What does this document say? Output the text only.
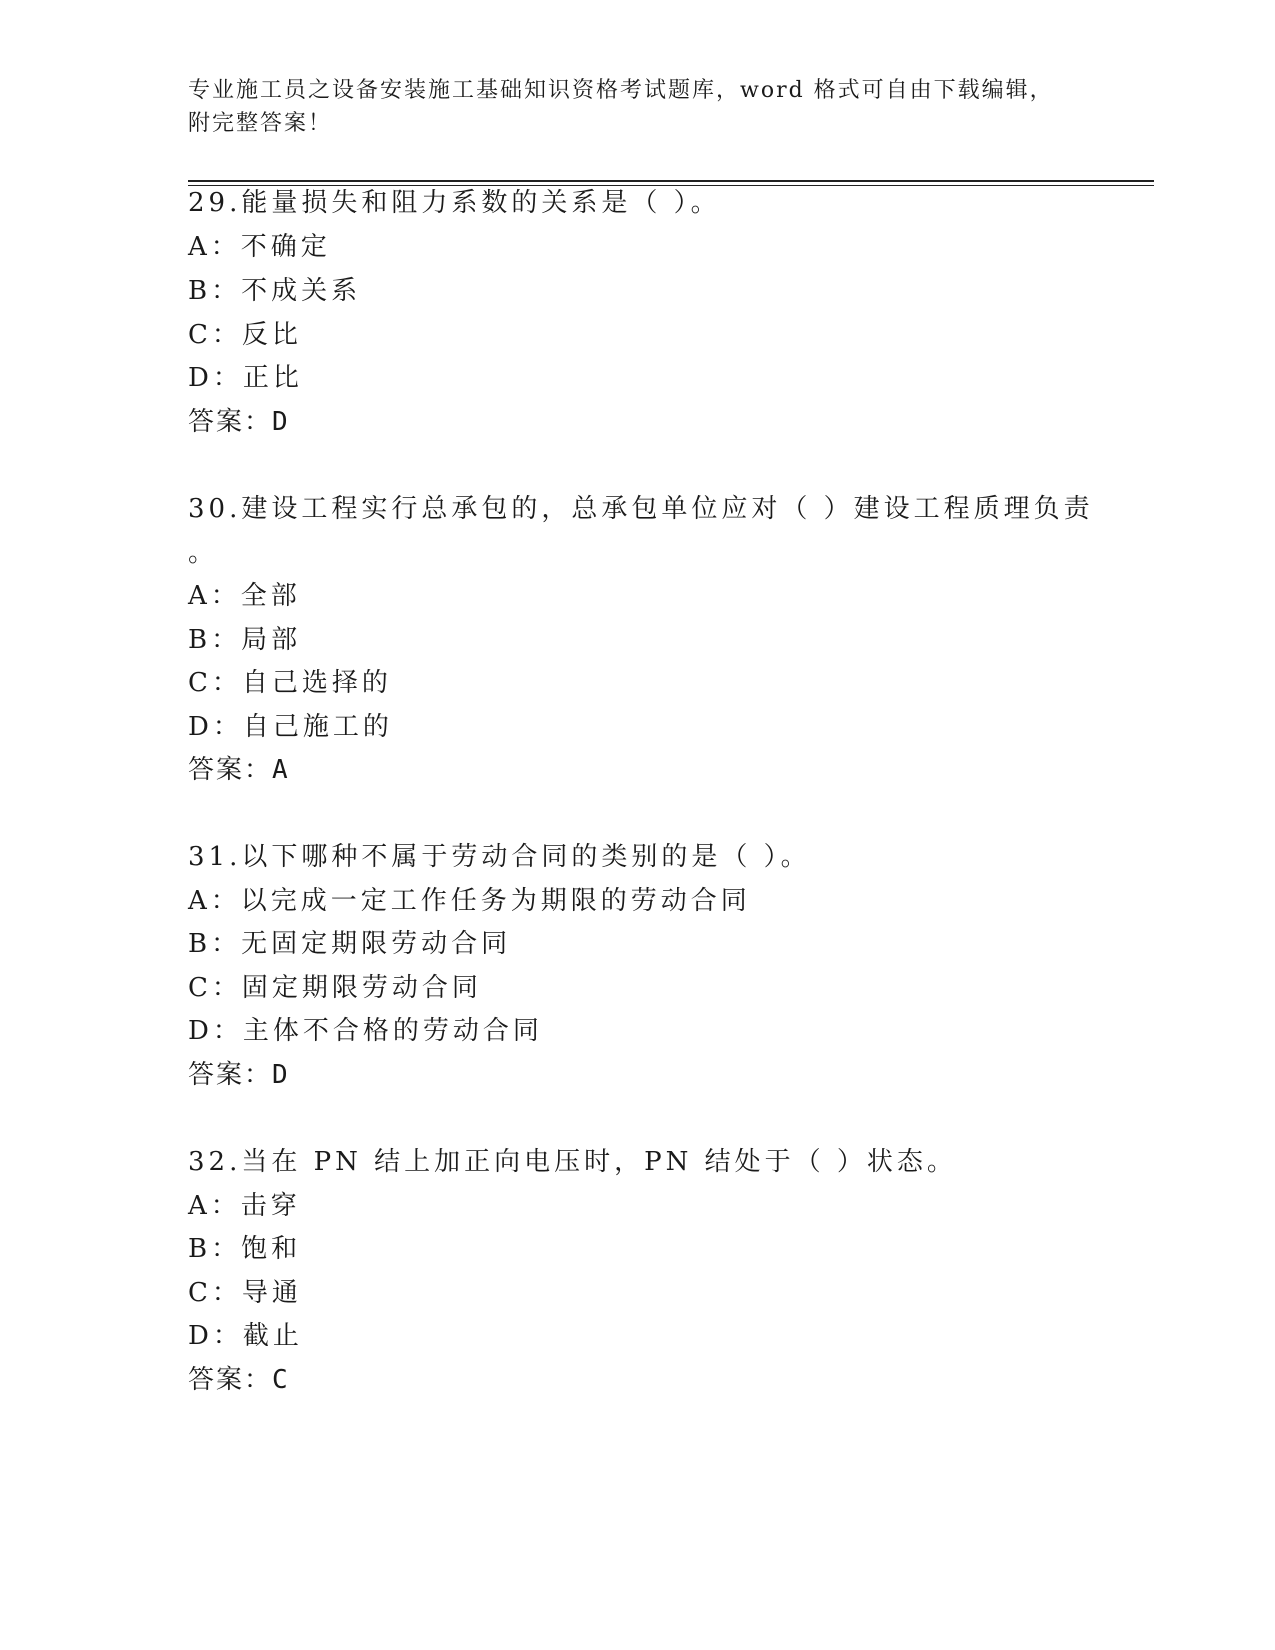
专业施工员之设备安装施工基础知识资格考试题库，word 格式可自由下载编辑，
附完整答案！
29.能量损失和阻力系数的关系是（ ）。
A：不确定
B：不成关系
C：反比
D：正比
答案：D
30.建设工程实行总承包的，总承包单位应对（ ）建设工程质理负责
。
A：全部
B：局部
C：自己选择的
D：自己施工的
答案：A
31.以下哪种不属于劳动合同的类别的是（ ）。
A：以完成一定工作任务为期限的劳动合同
B：无固定期限劳动合同
C：固定期限劳动合同
D：主体不合格的劳动合同
答案：D
32.当在 PN 结上加正向电压时，PN 结处于（ ）状态。
A：击穿
B：饱和
C：导通
D：截止
答案：C
